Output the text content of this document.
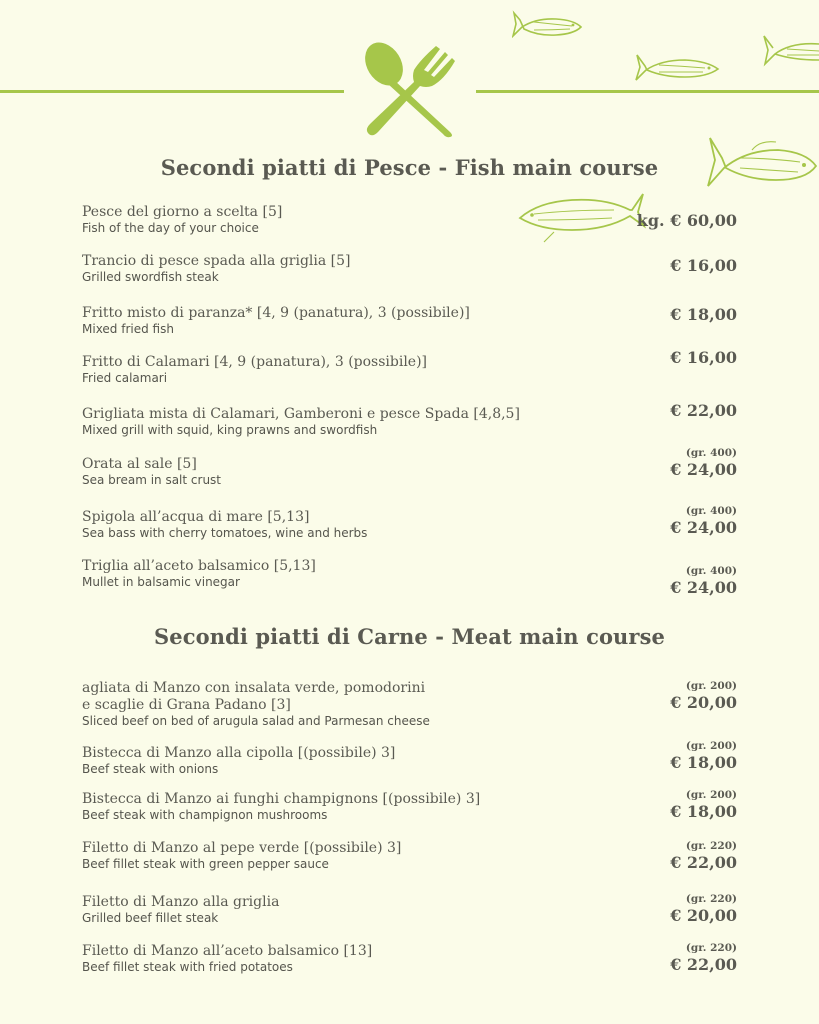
Secondi piatti di Pesce - Fish main course
Pesce del giorno a scelta [5]
Fish of the day of your choice	kg. € 60,00
Trancio di pesce spada alla griglia [5]
Grilled swordfish steak
€ 16,00
Fritto misto di paranza* [4, 9 (panatura), 3 (possibile)]
Mixed fried fish
€ 18,00
Fritto di Calamari [4, 9 (panatura), 3 (possibile)]
Fried calamari
€ 16,00
Grigliata mista di Calamari, Gamberoni e pesce Spada [4,8,5]
Mixed grill with squid, king prawns and swordfish
€ 22,00
Orata al sale [5]
Sea bream in salt crust
(gr. 400)
€ 24,00
Spigola all’acqua di mare [5,13]
Sea bass with cherry tomatoes, wine and herbs
(gr. 400)
€ 24,00
Triglia all’aceto balsamico [5,13]
Mullet in balsamic vinegar
(gr. 400)
€ 24,00
Secondi piatti di Carne - Meat main course
agliata di Manzo con insalata verde, pomodorini
e scaglie di Grana Padano [3]
Sliced beef on bed of arugula salad and Parmesan cheese
(gr. 200)
€ 20,00
Bistecca di Manzo alla cipolla [(possibile) 3]
Beef steak with onions
(gr. 200)
€ 18,00
Bistecca di Manzo ai funghi champignons [(possibile) 3]
Beef steak with champignon mushrooms
(gr. 200)
€ 18,00
Filetto di Manzo al pepe verde [(possibile) 3]
Beef fillet steak with green pepper sauce
(gr. 220)
€ 22,00
Filetto di Manzo alla griglia
Grilled beef fillet steak
(gr. 220)
€ 20,00
Filetto di Manzo all’aceto balsamico [13]
Beef fillet steak with fried potatoes
(gr. 220)
€ 22,00
